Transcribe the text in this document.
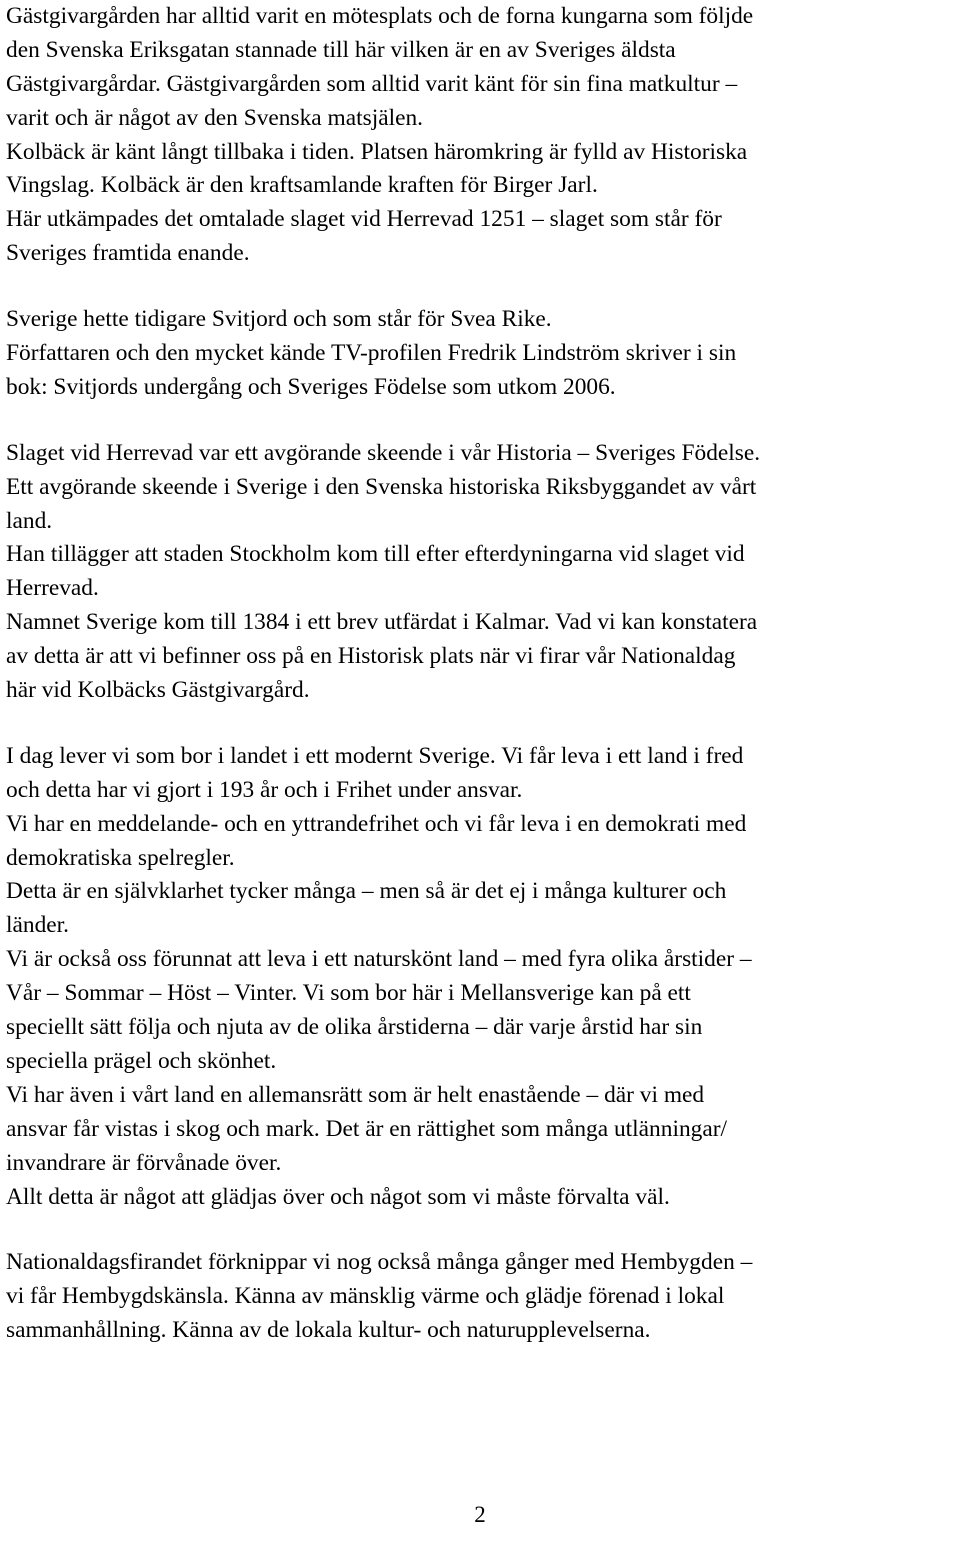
Gästgivargården har alltid varit en mötesplats och de forna kungarna som följde
den Svenska Eriksgatan stannade till här vilken är en av Sveriges äldsta
Gästgivargårdar. Gästgivargården som alltid varit känt för sin fina matkultur –
varit och är något av den Svenska matsjälen.
Kolbäck är känt långt tillbaka i tiden. Platsen häromkring är fylld av Historiska
Vingslag. Kolbäck är den kraftsamlande kraften för Birger Jarl.
Här utkämpades det omtalade slaget vid Herrevad 1251 – slaget som står för
Sveriges framtida enande.
Sverige hette tidigare Svitjord och som står för Svea Rike.
Författaren och den mycket kände TV-profilen Fredrik Lindström skriver i sin
bok: Svitjords undergång och Sveriges Födelse som utkom 2006.
Slaget vid Herrevad var ett avgörande skeende i vår Historia – Sveriges Födelse.
Ett avgörande skeende i Sverige i den Svenska historiska Riksbyggandet av vårt
land.
Han tillägger att staden Stockholm kom till efter efterdyningarna vid slaget vid
Herrevad.
Namnet Sverige kom till 1384 i ett brev utfärdat i Kalmar. Vad vi kan konstatera
av detta är att vi befinner oss på en Historisk plats när vi firar vår Nationaldag
här vid Kolbäcks Gästgivargård.
I dag lever vi som bor i landet i ett modernt Sverige. Vi får leva i ett land i fred
och detta har vi gjort i 193 år och i Frihet under ansvar.
Vi har en meddelande- och en yttrandefrihet och vi får leva i en demokrati med
demokratiska spelregler.
Detta är en självklarhet tycker många – men så är det ej i många kulturer och
länder.
Vi är också oss förunnat att leva i ett naturskönt land – med fyra olika årstider –
Vår – Sommar – Höst – Vinter. Vi som bor här i Mellansverige kan på ett
speciellt sätt följa och njuta av de olika årstiderna – där varje årstid har sin
speciella prägel och skönhet.
Vi har även i vårt land en allemansrätt som är helt enastående – där vi med
ansvar får vistas i skog och mark. Det är en rättighet som många utlänningar/
invandrare är förvånade över.
Allt detta är något att glädjas över och något som vi måste förvalta väl.
Nationaldagsfirandet förknippar vi nog också många gånger med Hembygden –
vi får Hembygdskänsla. Känna av mänsklig värme och glädje förenad i lokal
sammanhållning. Känna av de lokala kultur- och naturupplevelserna.
2
